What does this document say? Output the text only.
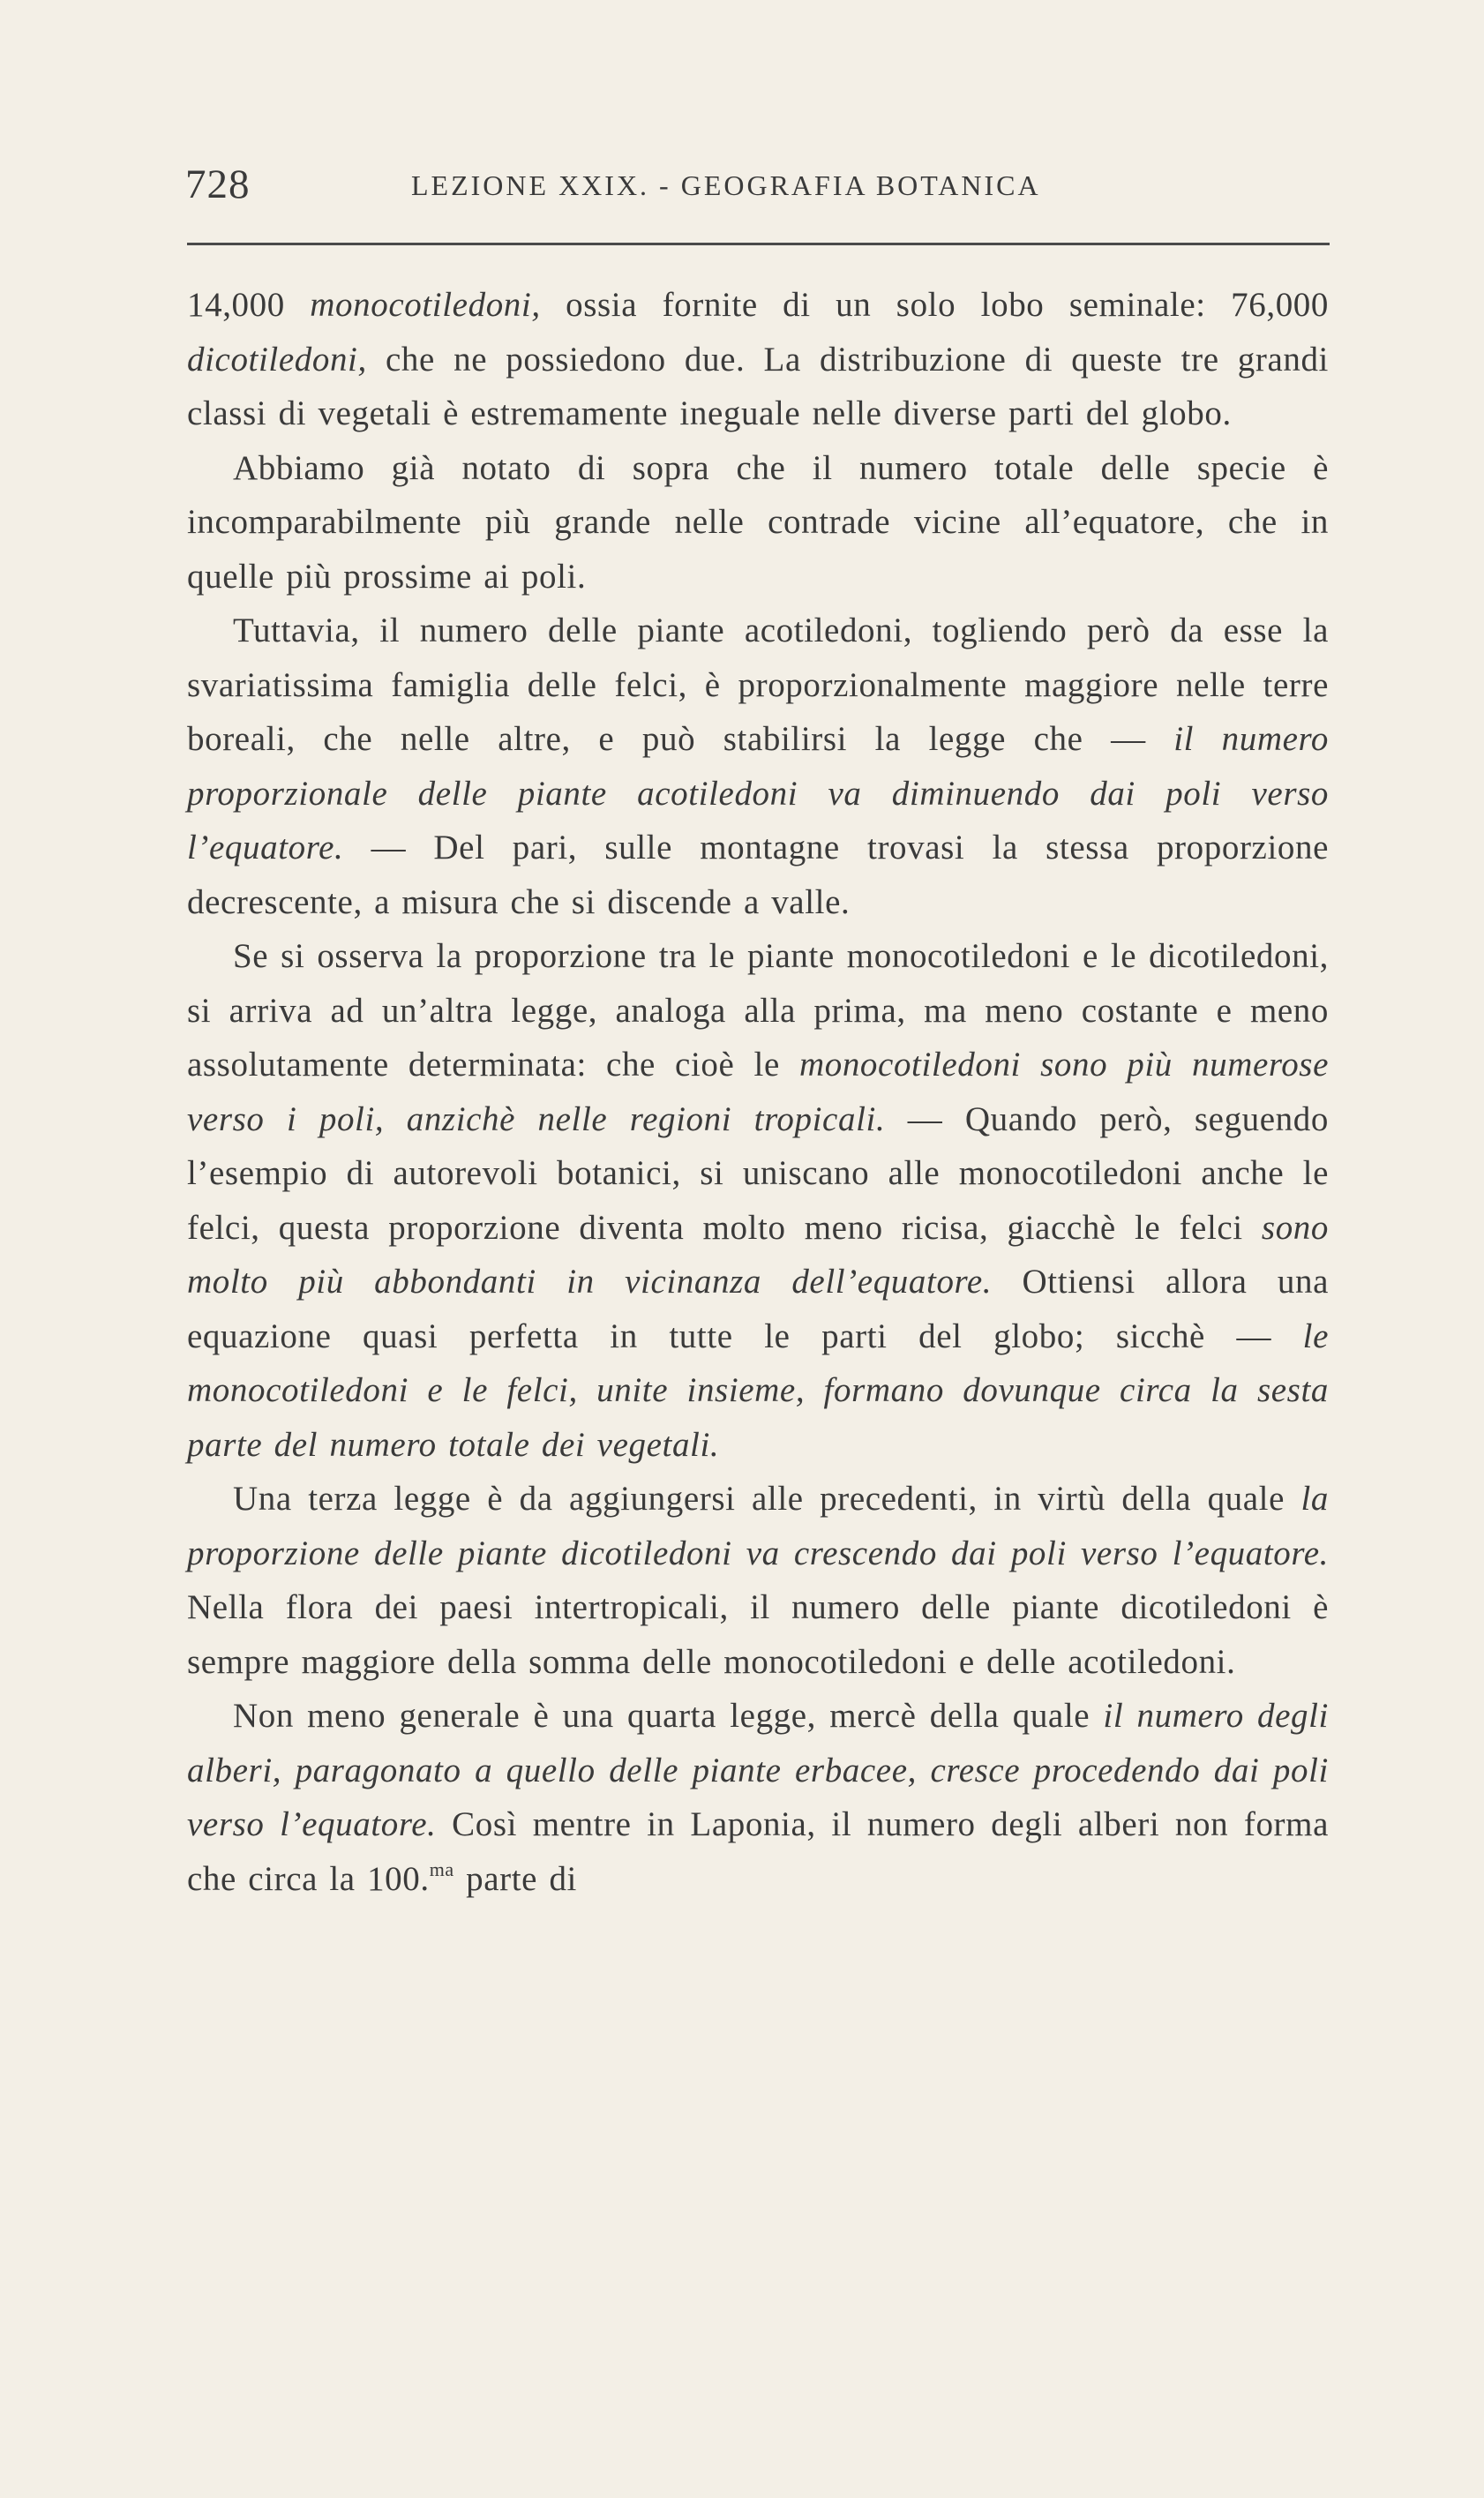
728	LEZIONE XXIX. - GEOGRAFIA BOTANICA

14,000 monocotiledoni, ossia fornite di un solo lobo seminale: 76,000 dicotiledoni, che ne possiedono due. La distribuzione di queste tre grandi classi di vegetali è estremamente ineguale nelle diverse parti del globo.

Abbiamo già notato di sopra che il numero totale delle specie è incomparabilmente più grande nelle contrade vicine all’equatore, che in quelle più prossime ai poli.

Tuttavia, il numero delle piante acotiledoni, togliendo però da esse la svariatissima famiglia delle felci, è proporzionalmente maggiore nelle terre boreali, che nelle altre, e può stabilirsi la legge che — il numero proporzionale delle piante acotiledoni va diminuendo dai poli verso l’equatore. — Del pari, sulle montagne trovasi la stessa proporzione decrescente, a misura che si discende a valle.

Se si osserva la proporzione tra le piante monocotiledoni e le dicotiledoni, si arriva ad un’altra legge, analoga alla prima, ma meno costante e meno assolutamente determinata: che cioè le monocotiledoni sono più numerose verso i poli, anzichè nelle regioni tropicali. — Quando però, seguendo l’esempio di autorevoli botanici, si uniscano alle monocotiledoni anche le felci, questa proporzione diventa molto meno ricisa, giacchè le felci sono molto più abbondanti in vicinanza dell’equatore. Ottiensi allora una equazione quasi perfetta in tutte le parti del globo; sicchè — le monocotiledoni e le felci, unite insieme, formano dovunque circa la sesta parte del numero totale dei vegetali.

Una terza legge è da aggiungersi alle precedenti, in virtù della quale la proporzione delle piante dicotiledoni va crescendo dai poli verso l’equatore. Nella flora dei paesi intertropicali, il numero delle piante dicotiledoni è sempre maggiore della somma delle monocotiledoni e delle acotiledoni.

Non meno generale è una quarta legge, mercè della quale il numero degli alberi, paragonato a quello delle piante erbacee, cresce procedendo dai poli verso l’equatore. Così mentre in Laponia, il numero degli alberi non forma che circa la 100.$^{ma}$ parte di
